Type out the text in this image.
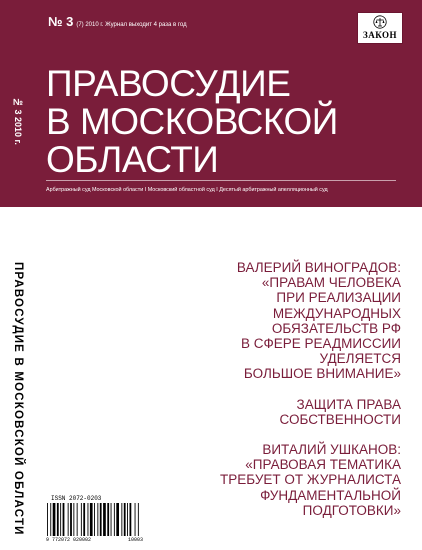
№ 3 (7) 2010 г. Журнал выходит 4 раза в год
ЗАКОН
ПРАВОСУДИЕ
В МОСКОВСКОЙ
ОБЛАСТИ
Арбитражный суд Московской области I Московский областной суд I Десятый арбитражный апелляционный суд
№ 3 2010 г.
ПРАВОСУДИЕ В МОСКОВСКОЙ ОБЛАСТИ	ВАЛЕРИЙ ВИНОГРАДОВ:
«ПРАВАМ ЧЕЛОВЕКА
ПРИ РЕАЛИЗАЦИИ
МЕЖДУНАРОДНЫХ
ОБЯЗАТЕЛЬСТВ РФ
В СФЕРЕ РЕАДМИССИИ
УДЕЛЯЕТСЯ
БОЛЬШОЕ ВНИМАНИЕ»
ЗАЩИТА ПРАВА
СОБСТВЕННОСТИ
ВИТАЛИЙ УШКАНОВ:
«ПРАВОВАЯ ТЕМАТИКА
ТРЕБУЕТ ОТ ЖУРНАЛИСТА
ФУНДАМЕНТАЛЬНОЙ
ПОДГОТОВКИ»
ISSN 2072-0203
9 772072 020002	10003
